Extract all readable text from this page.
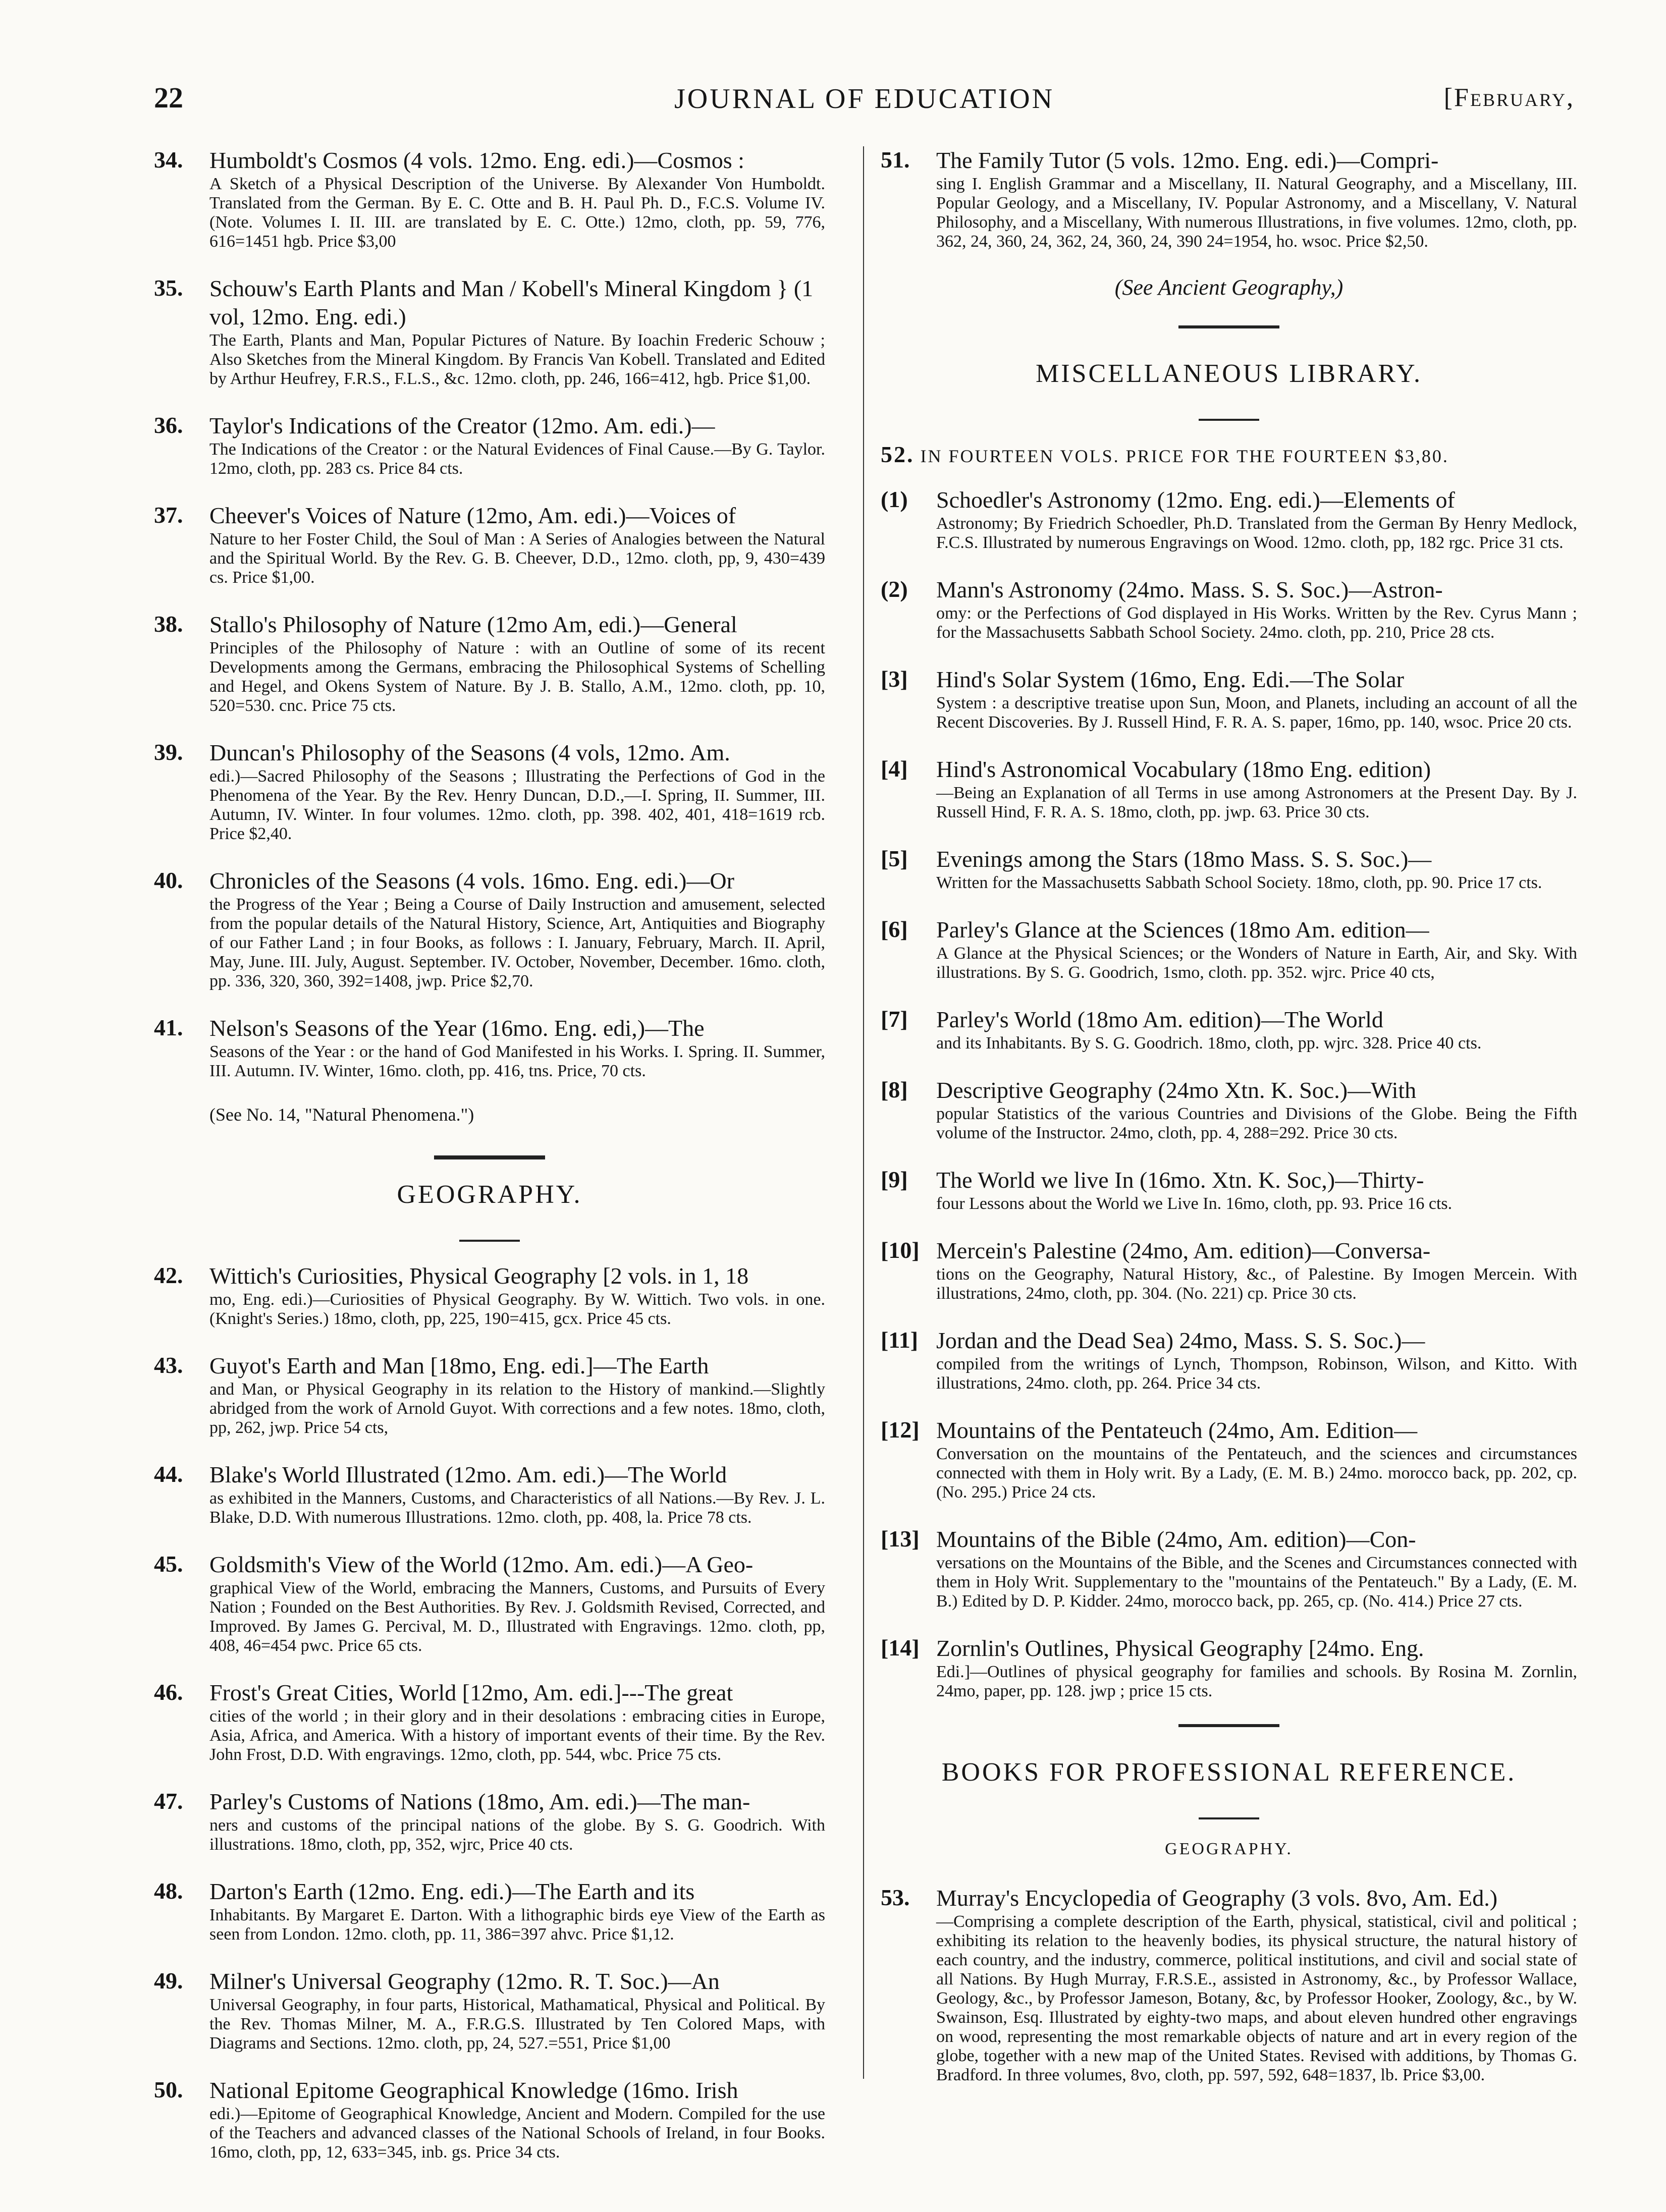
22	JOURNAL OF EDUCATION	[February,
34. Humboldt's Cosmos (4 vols. 12mo. Eng. edi.)—Cosmos :
A Sketch of a Physical Description of the Universe. By Alexander Von Humboldt. Translated from the German. By E. C. Otte and B. H. Paul Ph. D., F.C.S. Volume IV. (Note. Volumes I. II. III. are translated by E. C. Otte.) 12mo, cloth, pp. 59, 776, 616=1451 hgb. Price $3,00
35. Schouw's Earth Plants and Man / Kobell's Mineral Kingdom } (1 vol, 12mo. Eng. edi.)
The Earth, Plants and Man, Popular Pictures of Nature. By Ioachin Frederic Schouw ; Also Sketches from the Mineral Kingdom. By Francis Van Kobell. Translated and Edited by Arthur Heufrey, F.R.S., F.L.S., &c. 12mo. cloth, pp. 246, 166=412, hgb. Price $1,00.
36. Taylor's Indications of the Creator (12mo. Am. edi.)—
The Indications of the Creator : or the Natural Evidences of Final Cause.—By G. Taylor. 12mo, cloth, pp. 283 cs. Price 84 cts.
37. Cheever's Voices of Nature (12mo, Am. edi.)—Voices of
Nature to her Foster Child, the Soul of Man : A Series of Analogies between the Natural and the Spiritual World. By the Rev. G. B. Cheever, D.D., 12mo. cloth, pp, 9, 430=439 cs. Price $1,00.
38. Stallo's Philosophy of Nature (12mo Am, edi.)—General
Principles of the Philosophy of Nature : with an Outline of some of its recent Developments among the Germans, embracing the Philosophical Systems of Schelling and Hegel, and Okens System of Nature. By J. B. Stallo, A.M., 12mo. cloth, pp. 10, 520=530. cnc. Price 75 cts.
39. Duncan's Philosophy of the Seasons (4 vols, 12mo. Am.
edi.)—Sacred Philosophy of the Seasons ; Illustrating the Perfections of God in the Phenomena of the Year. By the Rev. Henry Duncan, D.D.,—I. Spring, II. Summer, III. Autumn, IV. Winter. In four volumes. 12mo. cloth, pp. 398. 402, 401, 418=1619 rcb. Price $2,40.
40. Chronicles of the Seasons (4 vols. 16mo. Eng. edi.)—Or
the Progress of the Year ; Being a Course of Daily Instruction and amusement, selected from the popular details of the Natural History, Science, Art, Antiquities and Biography of our Father Land ; in four Books, as follows : I. January, February, March. II. April, May, June. III. July, August. September. IV. October, November, December. 16mo. cloth, pp. 336, 320, 360, 392=1408, jwp. Price $2,70.
41. Nelson's Seasons of the Year (16mo. Eng. edi,)—The
Seasons of the Year : or the hand of God Manifested in his Works. I. Spring. II. Summer, III. Autumn. IV. Winter, 16mo. cloth, pp. 416, tns. Price, 70 cts.
(See No. 14, "Natural Phenomena.")
GEOGRAPHY.
42. Wittich's Curiosities, Physical Geography [2 vols. in 1, 18
mo, Eng. edi.)—Curiosities of Physical Geography. By W. Wittich. Two vols. in one. (Knight's Series.) 18mo, cloth, pp, 225, 190=415, gcx. Price 45 cts.
43. Guyot's Earth and Man [18mo, Eng. edi.]—The Earth
and Man, or Physical Geography in its relation to the History of mankind.—Slightly abridged from the work of Arnold Guyot. With corrections and a few notes. 18mo, cloth, pp, 262, jwp. Price 54 cts,
44. Blake's World Illustrated (12mo. Am. edi.)—The World
as exhibited in the Manners, Customs, and Characteristics of all Nations.—By Rev. J. L. Blake, D.D. With numerous Illustrations. 12mo. cloth, pp. 408, la. Price 78 cts.
45. Goldsmith's View of the World (12mo. Am. edi.)—A Geo-
graphical View of the World, embracing the Manners, Customs, and Pursuits of Every Nation ; Founded on the Best Authorities. By Rev. J. Goldsmith Revised, Corrected, and Improved. By James G. Percival, M. D., Illustrated with Engravings. 12mo. cloth, pp, 408, 46=454 pwc. Price 65 cts.
46. Frost's Great Cities, World [12mo, Am. edi.]---The great
cities of the world ; in their glory and in their desolations : embracing cities in Europe, Asia, Africa, and America. With a history of important events of their time. By the Rev. John Frost, D.D. With engravings. 12mo, cloth, pp. 544, wbc. Price 75 cts.
47. Parley's Customs of Nations (18mo, Am. edi.)—The man-
ners and customs of the principal nations of the globe. By S. G. Goodrich. With illustrations. 18mo, cloth, pp, 352, wjrc, Price 40 cts.
48. Darton's Earth (12mo. Eng. edi.)—The Earth and its
Inhabitants. By Margaret E. Darton. With a lithographic birds eye View of the Earth as seen from London. 12mo. cloth, pp. 11, 386=397 ahvc. Price $1,12.
49. Milner's Universal Geography (12mo. R. T. Soc.)—An
Universal Geography, in four parts, Historical, Mathamatical, Physical and Political. By the Rev. Thomas Milner, M. A., F.R.G.S. Illustrated by Ten Colored Maps, with Diagrams and Sections. 12mo. cloth, pp, 24, 527.=551, Price $1,00
50. National Epitome Geographical Knowledge (16mo. Irish
edi.)—Epitome of Geographical Knowledge, Ancient and Modern. Compiled for the use of the Teachers and advanced classes of the National Schools of Ireland, in four Books. 16mo, cloth, pp, 12, 633=345, inb. gs. Price 34 cts.
51. The Family Tutor (5 vols. 12mo. Eng. edi.)—Compri-
sing I. English Grammar and a Miscellany, II. Natural Geography, and a Miscellany, III. Popular Geology, and a Miscellany, IV. Popular Astronomy, and a Miscellany, V. Natural Philosophy, and a Miscellany, With numerous Illustrations, in five volumes. 12mo, cloth, pp. 362, 24, 360, 24, 362, 24, 360, 24, 390 24=1954, ho. wsoc. Price $2,50.
(See Ancient Geography,)
MISCELLANEOUS LIBRARY.
52. IN FOURTEEN VOLS. PRICE FOR THE FOURTEEN $3,80.
(1) Schoedler's Astronomy (12mo. Eng. edi.)—Elements of
Astronomy; By Friedrich Schoedler, Ph.D. Translated from the German By Henry Medlock, F.C.S. Illustrated by numerous Engravings on Wood. 12mo. cloth, pp, 182 rgc. Price 31 cts.
(2) Mann's Astronomy (24mo. Mass. S. S. Soc.)—Astron-
omy: or the Perfections of God displayed in His Works. Written by the Rev. Cyrus Mann ; for the Massachusetts Sabbath School Society. 24mo. cloth, pp. 210, Price 28 cts.
[3] Hind's Solar System (16mo, Eng. Edi.—The Solar
System : a descriptive treatise upon Sun, Moon, and Planets, including an account of all the Recent Discoveries. By J. Russell Hind, F. R. A. S. paper, 16mo, pp. 140, wsoc. Price 20 cts.
[4] Hind's Astronomical Vocabulary (18mo Eng. edition)
—Being an Explanation of all Terms in use among Astronomers at the Present Day. By J. Russell Hind, F. R. A. S. 18mo, cloth, pp. jwp. 63. Price 30 cts.
[5] Evenings among the Stars (18mo Mass. S. S. Soc.)—
Written for the Massachusetts Sabbath School Society. 18mo, cloth, pp. 90. Price 17 cts.
[6] Parley's Glance at the Sciences (18mo Am. edition—
A Glance at the Physical Sciences; or the Wonders of Nature in Earth, Air, and Sky. With illustrations. By S. G. Goodrich, 1smo, cloth. pp. 352. wjrc. Price 40 cts,
[7] Parley's World (18mo Am. edition)—The World
and its Inhabitants. By S. G. Goodrich. 18mo, cloth, pp. wjrc. 328. Price 40 cts.
[8] Descriptive Geography (24mo Xtn. K. Soc.)—With
popular Statistics of the various Countries and Divisions of the Globe. Being the Fifth volume of the Instructor. 24mo, cloth, pp. 4, 288=292. Price 30 cts.
[9] The World we live In (16mo. Xtn. K. Soc,)—Thirty-
four Lessons about the World we Live In. 16mo, cloth, pp. 93. Price 16 cts.
[10] Mercein's Palestine (24mo, Am. edition)—Conversa-
tions on the Geography, Natural History, &c., of Palestine. By Imogen Mercein. With illustrations, 24mo, cloth, pp. 304. (No. 221) cp. Price 30 cts.
[11] Jordan and the Dead Sea) 24mo, Mass. S. S. Soc.)—
compiled from the writings of Lynch, Thompson, Robinson, Wilson, and Kitto. With illustrations, 24mo. cloth, pp. 264. Price 34 cts.
[12] Mountains of the Pentateuch (24mo, Am. Edition—
Conversation on the mountains of the Pentateuch, and the sciences and circumstances connected with them in Holy writ. By a Lady, (E. M. B.) 24mo. morocco back, pp. 202, cp. (No. 295.) Price 24 cts.
[13] Mountains of the Bible (24mo, Am. edition)—Con-
versations on the Mountains of the Bible, and the Scenes and Circumstances connected with them in Holy Writ. Supplementary to the "mountains of the Pentateuch." By a Lady, (E. M. B.) Edited by D. P. Kidder. 24mo, morocco back, pp. 265, cp. (No. 414.) Price 27 cts.
[14] Zornlin's Outlines, Physical Geography [24mo. Eng.
Edi.]—Outlines of physical geography for families and schools. By Rosina M. Zornlin, 24mo, paper, pp. 128. jwp ; price 15 cts.
BOOKS FOR PROFESSIONAL REFERENCE.
GEOGRAPHY.
53. Murray's Encyclopedia of Geography (3 vols. 8vo, Am. Ed.)
—Comprising a complete description of the Earth, physical, statistical, civil and political ; exhibiting its relation to the heavenly bodies, its physical structure, the natural history of each country, and the industry, commerce, political institutions, and civil and social state of all Nations. By Hugh Murray, F.R.S.E., assisted in Astronomy, &c., by Professor Wallace, Geology, &c., by Professor Jameson, Botany, &c, by Professor Hooker, Zoology, &c., by W. Swainson, Esq. Illustrated by eighty-two maps, and about eleven hundred other engravings on wood, representing the most remarkable objects of nature and art in every region of the globe, together with a new map of the United States. Revised with additions, by Thomas G. Bradford. In three volumes, 8vo, cloth, pp. 597, 592, 648=1837, lb. Price $3,00.
